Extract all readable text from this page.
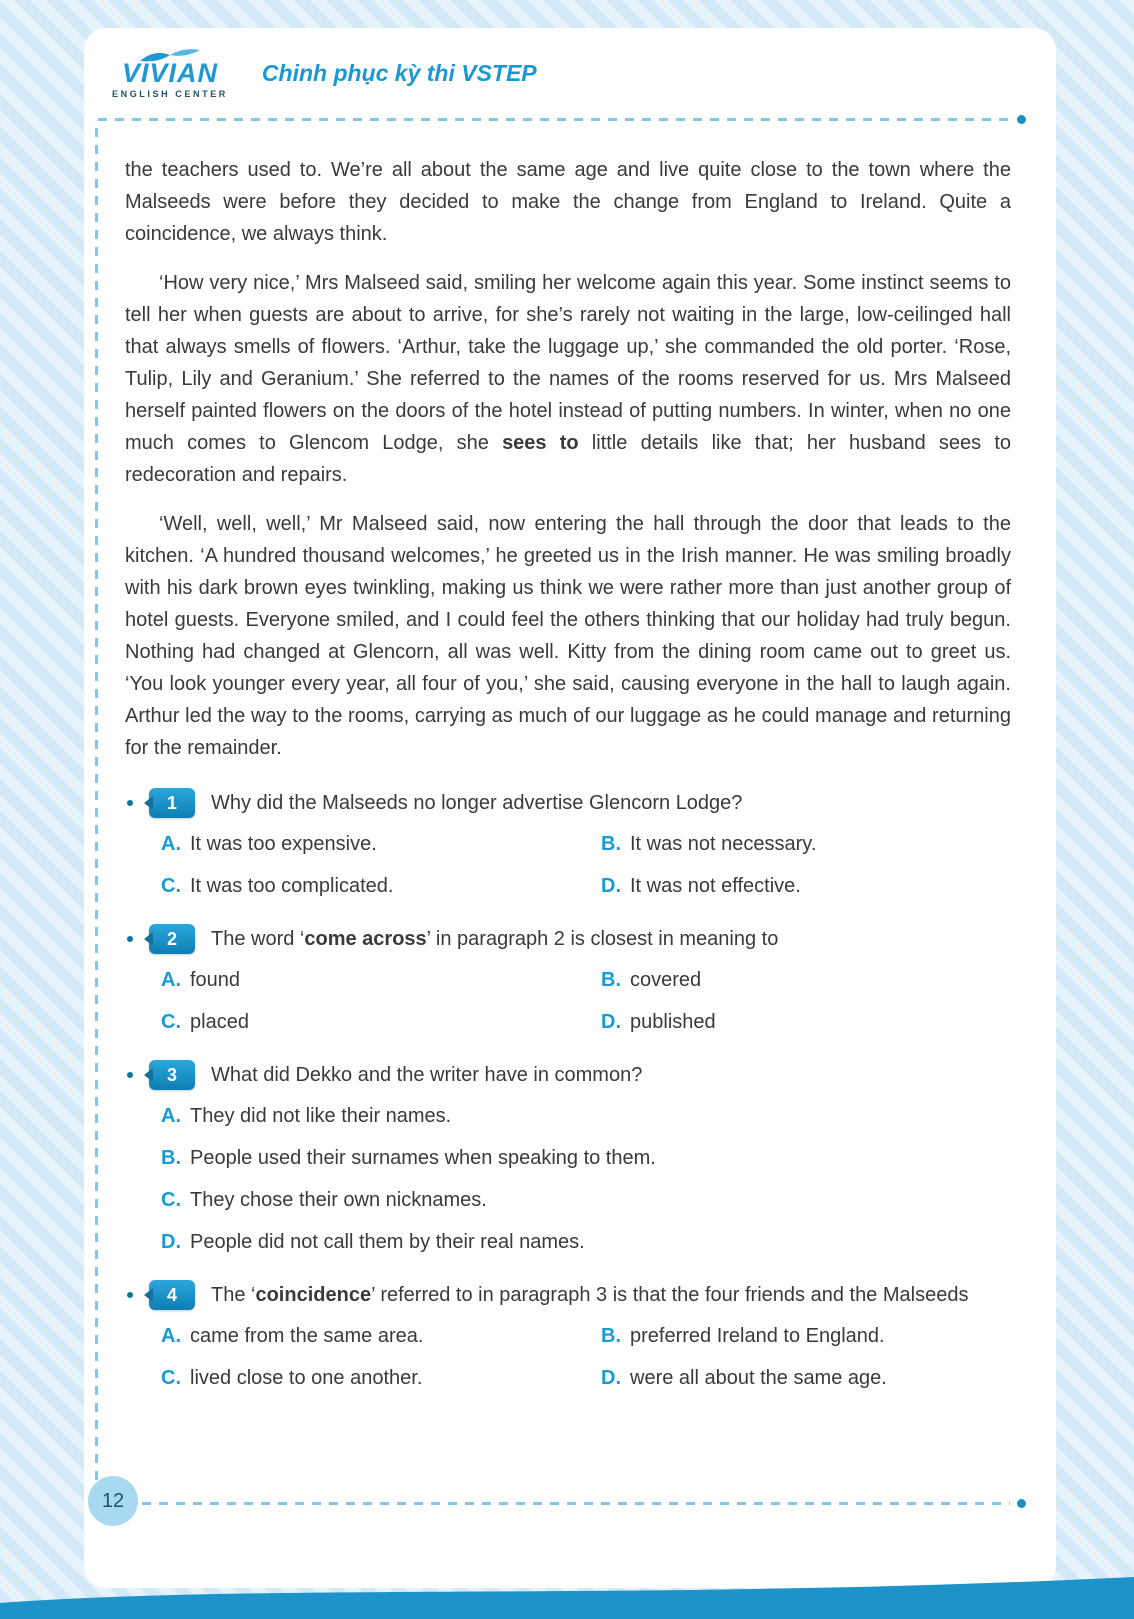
VIVIAN
ENGLISH CENTER
Chinh phục kỳ thi VSTEP

the teachers used to. We’re all about the same age and live quite close to the town where the Malseeds were before they decided to make the change from England to Ireland. Quite a coincidence, we always think.

‘How very nice,’ Mrs Malseed said, smiling her welcome again this year. Some instinct seems to tell her when guests are about to arrive, for she’s rarely not waiting in the large, low-ceilinged hall that always smells of flowers. ‘Arthur, take the luggage up,’ she commanded the old porter. ‘Rose, Tulip, Lily and Geranium.’ She referred to the names of the rooms reserved for us. Mrs Malseed herself painted flowers on the doors of the hotel instead of putting numbers. In winter, when no one much comes to Glencom Lodge, she sees to little details like that; her husband sees to redecoration and repairs.

‘Well, well, well,’ Mr Malseed said, now entering the hall through the door that leads to the kitchen. ‘A hundred thousand welcomes,’ he greeted us in the Irish manner. He was smiling broadly with his dark brown eyes twinkling, making us think we were rather more than just another group of hotel guests. Everyone smiled, and I could feel the others thinking that our holiday had truly begun. Nothing had changed at Glencorn, all was well. Kitty from the dining room came out to greet us. ‘You look younger every year, all four of you,’ she said, causing everyone in the hall to laugh again. Arthur led the way to the rooms, carrying as much of our luggage as he could manage and returning for the remainder.

1 Why did the Malseeds no longer advertise Glencorn Lodge?
A. It was too expensive.	B. It was not necessary.
C. It was too complicated.	D. It was not effective.
2 The word ‘come across’ in paragraph 2 is closest in meaning to
A. found	B. covered
C. placed	D. published
3 What did Dekko and the writer have in common?
A. They did not like their names.
B. People used their surnames when speaking to them.
C. They chose their own nicknames.
D. People did not call them by their real names.
4 The ‘coincidence’ referred to in paragraph 3 is that the four friends and the Malseeds
A. came from the same area.	B. preferred Ireland to England.
C. lived close to one another.	D. were all about the same age.
12
